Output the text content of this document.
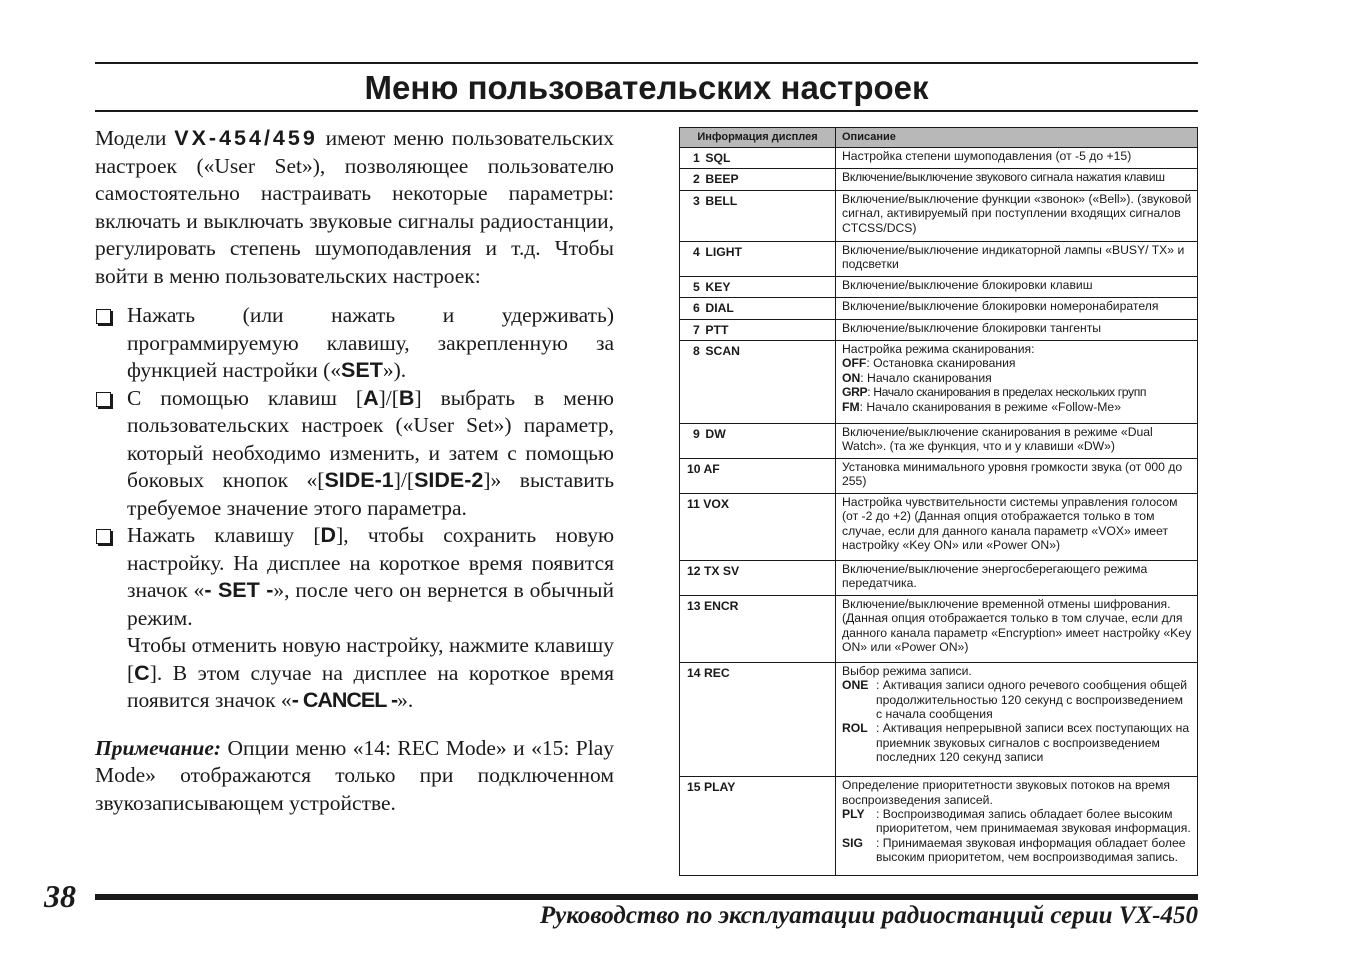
Меню пользовательских настроек

Модели VX-454/459 имеют меню пользовательских настроек («User Set»), позволяющее пользователю самостоятельно настраивать некоторые параметры: включать и выключать звуковые сигналы радиостанции, регулировать степень шумоподавления и т.д. Чтобы войти в меню пользовательских настроек:

Нажать (или нажать и удерживать) программируемую клавишу, закрепленную за функцией настройки («SET»).

С помощью клавиш [A]/[B] выбрать в меню пользовательских настроек («User Set») параметр, который необходимо изменить, и затем с помощью боковых кнопок «[SIDE-1]/[SIDE-2]» выставить требуемое значение этого параметра.

Нажать клавишу [D], чтобы сохранить новую настройку. На дисплее на короткое время появится значок «- SET -», после чего он вернется в обычный режим.

Чтобы отменить новую настройку, нажмите клавишу [C]. В этом случае на дисплее на короткое время появится значок «- CANCEL -».

Примечание: Опции меню «14: REC Mode» и «15: Play Mode» отображаются только при подключенном звукозаписывающем устройстве.

Информация дисплея	Описание
1 SQL	Настройка степени шумоподавления (от -5 до +15)
2 BEEP	Включение/выключение звукового сигнала нажатия клавиш
3 BELL	Включение/выключение функции «звонок» («Bell»). (звуковой сигнал, активируемый при поступлении входящих сигналов CTCSS/DCS)
4 LIGHT	Включение/выключение индикаторной лампы «BUSY/ TX» и подсветки
5 KEY	Включение/выключение блокировки клавиш
6 DIAL	Включение/выключение блокировки номеронабирателя
7 PTT	Включение/выключение блокировки тангенты
8 SCAN	Настройка режима сканирования:
OFF: Остановка сканирования
ON: Начало сканирования
GRP: Начало сканирования в пределах нескольких групп
FM: Начало сканирования в режиме «Follow-Me»

9 DW	Включение/выключение сканирования в режиме «Dual Watch». (та же функция, что и у клавиши «DW»)
10 AF	Установка минимального уровня громкости звука (от 000 до 255)
11 VOX	Настройка чувствительности системы управления голосом (от -2 до +2) (Данная опция отображается только в том случае, если для данного канала параметр «VOX» имеет настройку «Key ON» или «Power ON»)
12 TX SV	Включение/выключение энергосберегающего режима передатчика.
13 ENCR	Включение/выключение временной отмены шифрования. (Данная опция отображается только в том случае, если для данного канала параметр «Encryption» имеет настройку «Key ON» или «Power ON»)
14 REC	Выбор режима записи.
ONE : Активация записи одного речевого сообщения общей продолжительностью 120 секунд с воспроизведением с начала сообщения
ROL : Активация непрерывной записи всех поступающих на приемник звуковых сигналов с воспроизведением последних 120 секунд записи

15 PLAY	Определение приоритетности звуковых потоков на время воспроизведения записей.
PLY : Воспроизводимая запись обладает более высоким приоритетом, чем принимаемая звуковая информация.
SIG : Принимаемая звуковая информация обладает более высоким приоритетом, чем воспроизводимая запись.
38
Руководство по эксплуатации радиостанций серии VX-450
